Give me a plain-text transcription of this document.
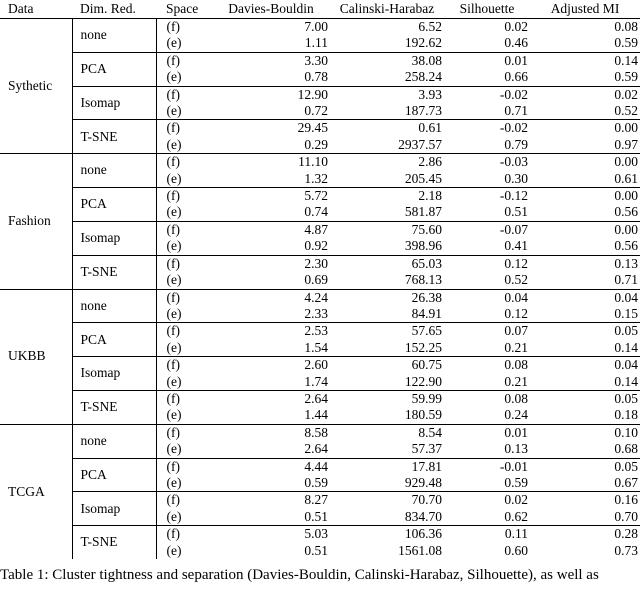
Data	Dim. Red.	Space	Davies-Bouldin	Calinski-Harabaz	Silhouette	Adjusted MI
Sythetic	none	(f)	7.00	6.52	0.02	0.08
		(e)	1.11	192.62	0.46	0.59
	PCA	(f)	3.30	38.08	0.01	0.14
		(e)	0.78	258.24	0.66	0.59
	Isomap	(f)	12.90	3.93	-0.02	0.02
		(e)	0.72	187.73	0.71	0.52
	T-SNE	(f)	29.45	0.61	-0.02	0.00
		(e)	0.29	2937.57	0.79	0.97
Fashion	none	(f)	11.10	2.86	-0.03	0.00
		(e)	1.32	205.45	0.30	0.61
	PCA	(f)	5.72	2.18	-0.12	0.00
		(e)	0.74	581.87	0.51	0.56
	Isomap	(f)	4.87	75.60	-0.07	0.00
		(e)	0.92	398.96	0.41	0.56
	T-SNE	(f)	2.30	65.03	0.12	0.13
		(e)	0.69	768.13	0.52	0.71
UKBB	none	(f)	4.24	26.38	0.04	0.04
		(e)	2.33	84.91	0.12	0.15
	PCA	(f)	2.53	57.65	0.07	0.05
		(e)	1.54	152.25	0.21	0.14
	Isomap	(f)	2.60	60.75	0.08	0.04
		(e)	1.74	122.90	0.21	0.14
	T-SNE	(f)	2.64	59.99	0.08	0.05
		(e)	1.44	180.59	0.24	0.18
TCGA	none	(f)	8.58	8.54	0.01	0.10
		(e)	2.64	57.37	0.13	0.68
	PCA	(f)	4.44	17.81	-0.01	0.05
		(e)	0.59	929.48	0.59	0.67
	Isomap	(f)	8.27	70.70	0.02	0.16
		(e)	0.51	834.70	0.62	0.70
	T-SNE	(f)	5.03	106.36	0.11	0.28
		(e)	0.51	1561.08	0.60	0.73
Table 1: Cluster tightness and separation (Davies-Bouldin, Calinski-Harabaz, Silhouette), as well as
